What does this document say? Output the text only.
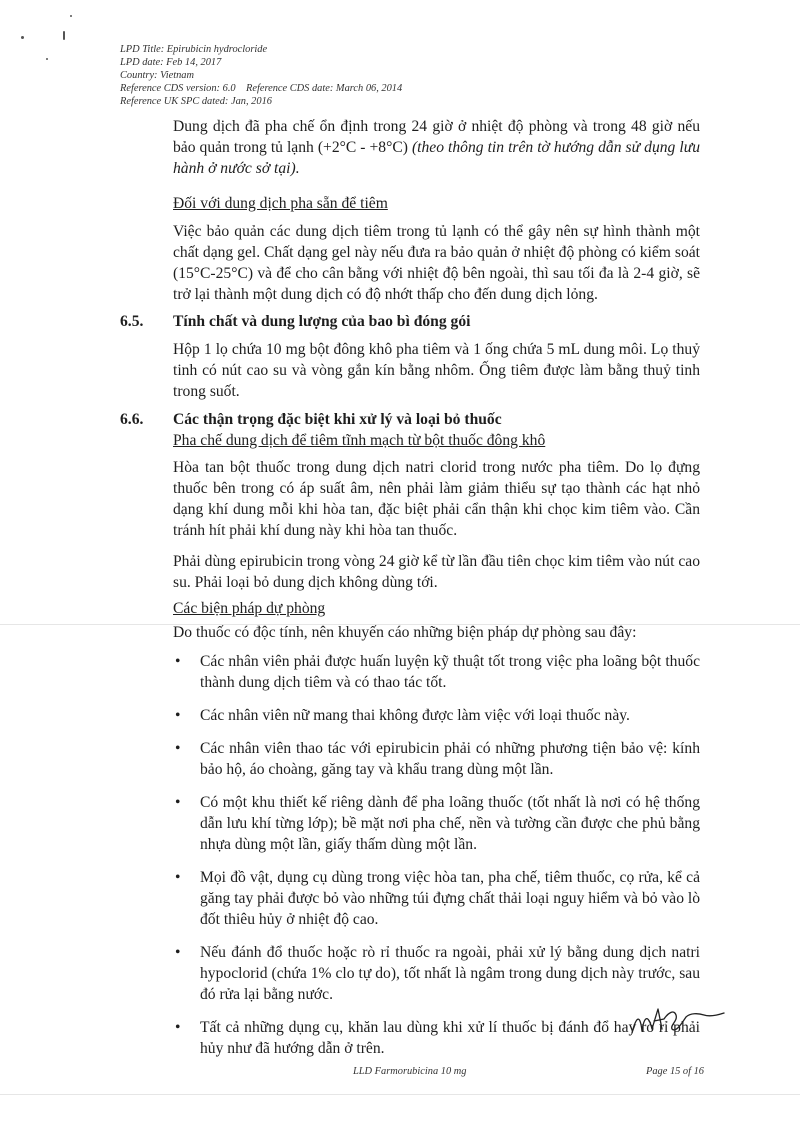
LPD Title: Epirubicin hydrocloride
LPD date: Feb 14, 2017
Country: Vietnam
Reference CDS version: 6.0    Reference CDS date: March 06, 2014
Reference UK SPC dated: Jan, 2016

Dung dịch đã pha chế ổn định trong 24 giờ ở nhiệt độ phòng và trong 48 giờ nếu bảo quản trong tủ lạnh (+2°C - +8°C) (theo thông tin trên tờ hướng dẫn sử dụng lưu hành ở nước sở tại).

Đối với dung dịch pha sẵn để tiêm

Việc bảo quản các dung dịch tiêm trong tủ lạnh có thể gây nên sự hình thành một chất dạng gel. Chất dạng gel này nếu đưa ra bảo quản ở nhiệt độ phòng có kiểm soát (15°C-25°C) và để cho cân bằng với nhiệt độ bên ngoài, thì sau tối đa là 2-4 giờ, sẽ trở lại thành một dung dịch có độ nhớt thấp cho đến dung dịch lỏng.

6.5.	Tính chất và dung lượng của bao bì đóng gói

Hộp 1 lọ chứa 10 mg bột đông khô pha tiêm và 1 ống chứa 5 mL dung môi. Lọ thuỷ tinh có nút cao su và vòng gắn kín bằng nhôm. Ống tiêm được làm bằng thuỷ tinh trong suốt.

6.6.	Các thận trọng đặc biệt khi xử lý và loại bỏ thuốc

Pha chế dung dịch để tiêm tĩnh mạch từ bột thuốc đông khô

Hòa tan bột thuốc trong dung dịch natri clorid trong nước pha tiêm. Do lọ đựng thuốc bên trong có áp suất âm, nên phải làm giảm thiểu sự tạo thành các hạt nhỏ dạng khí dung mỗi khi hòa tan, đặc biệt phải cẩn thận khi chọc kim tiêm vào. Cần tránh hít phải khí dung này khi hòa tan thuốc.

Phải dùng epirubicin trong vòng 24 giờ kể từ lần đầu tiên chọc kim tiêm vào nút cao su. Phải loại bỏ dung dịch không dùng tới.

Các biện pháp dự phòng

Do thuốc có độc tính, nên khuyến cáo những biện pháp dự phòng sau đây:

• Các nhân viên phải được huấn luyện kỹ thuật tốt trong việc pha loãng bột thuốc thành dung dịch tiêm và có thao tác tốt.
• Các nhân viên nữ mang thai không được làm việc với loại thuốc này.
• Các nhân viên thao tác với epirubicin phải có những phương tiện bảo vệ: kính bảo hộ, áo choàng, găng tay và khẩu trang dùng một lần.
• Có một khu thiết kế riêng dành để pha loãng thuốc (tốt nhất là nơi có hệ thống dẫn lưu khí từng lớp); bề mặt nơi pha chế, nền và tường cần được che phủ bằng nhựa dùng một lần, giấy thấm dùng một lần.
• Mọi đồ vật, dụng cụ dùng trong việc hòa tan, pha chế, tiêm thuốc, cọ rửa, kể cả găng tay phải được bỏ vào những túi đựng chất thải loại nguy hiểm và bỏ vào lò đốt thiêu hủy ở nhiệt độ cao.
• Nếu đánh đổ thuốc hoặc rò rỉ thuốc ra ngoài, phải xử lý bằng dung dịch natri hypoclorid (chứa 1% clo tự do), tốt nhất là ngâm trong dung dịch này trước, sau đó rửa lại bằng nước.
• Tất cả những dụng cụ, khăn lau dùng khi xử lí thuốc bị đánh đổ hay rò rỉ phải hủy như đã hướng dẫn ở trên.
LLD Farmorubicina 10 mg	Page 15 of 16
